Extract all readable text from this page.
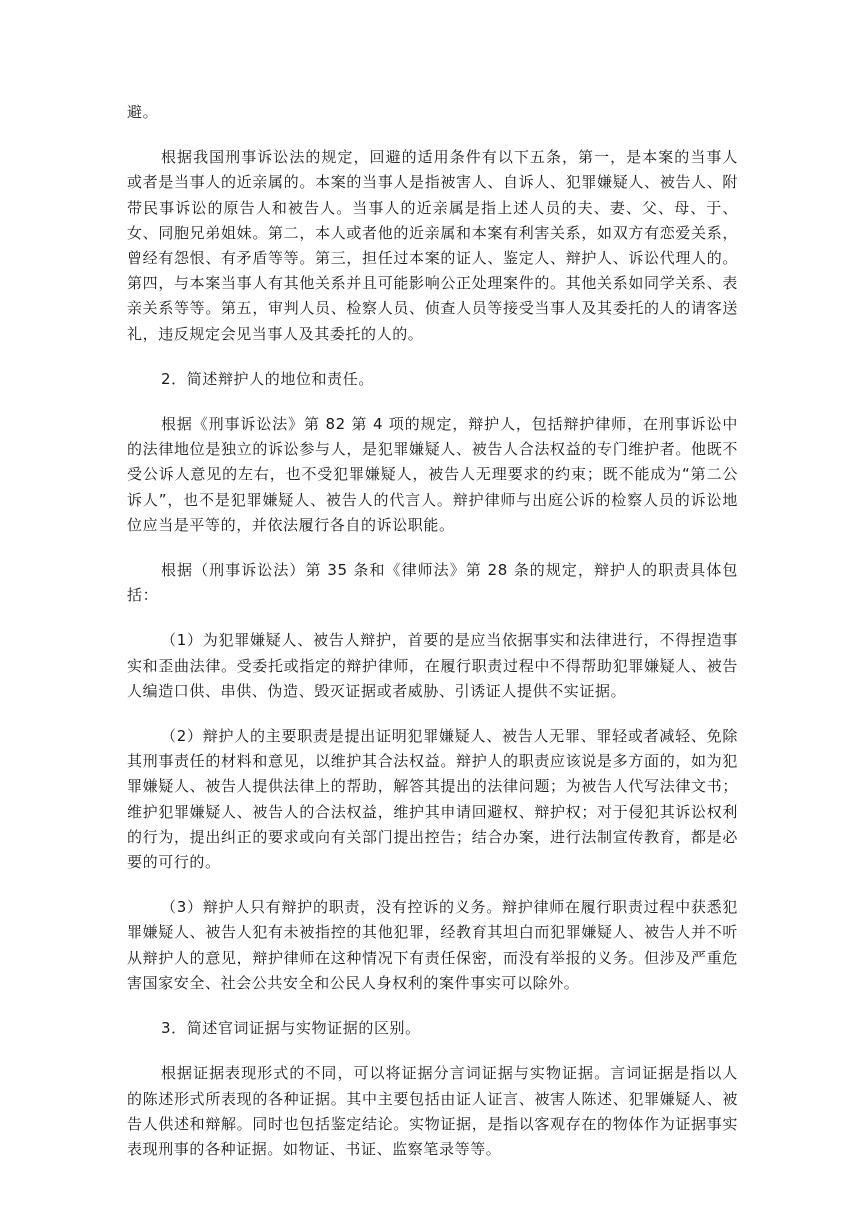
避。

根据我国刑事诉讼法的规定，回避的适用条件有以下五条，第一，是本案的当事人或者是当事人的近亲属的。本案的当事人是指被害人、自诉人、犯罪嫌疑人、被告人、附带民事诉讼的原告人和被告人。当事人的近亲属是指上述人员的夫、妻、父、母、于、女、同胞兄弟姐妹。第二，本人或者他的近亲属和本案有利害关系，如双方有恋爱关系，曾经有怨恨、有矛盾等等。第三，担任过本案的证人、鉴定人、辩护人、诉讼代理人的。第四，与本案当事人有其他关系并且可能影响公正处理案件的。其他关系如同学关系、表亲关系等等。第五，审判人员、检察人员、侦查人员等接受当事人及其委托的人的请客送礼，违反规定会见当事人及其委托的人的。

2．简述辩护人的地位和责任。

根据《刑事诉讼法》第 82 第 4 项的规定，辩护人，包括辩护律师，在刑事诉讼中的法律地位是独立的诉讼参与人，是犯罪嫌疑人、被告人合法权益的专门维护者。他既不受公诉人意见的左右，也不受犯罪嫌疑人，被告人无理要求的约束；既不能成为“第二公诉人”，也不是犯罪嫌疑人、被告人的代言人。辩护律师与出庭公诉的检察人员的诉讼地位应当是平等的，并依法履行各自的诉讼职能。

根据（刑事诉讼法）第 35 条和《律师法》第 28 条的规定，辩护人的职责具体包括：

（1）为犯罪嫌疑人、被告人辩护，首要的是应当依据事实和法律进行，不得捏造事实和歪曲法律。受委托或指定的辩护律师，在履行职责过程中不得帮助犯罪嫌疑人、被告人编造口供、串供、伪造、毁灭证据或者威胁、引诱证人提供不实证据。

（2）辩护人的主要职责是提出证明犯罪嫌疑人、被告人无罪、罪轻或者减轻、免除其刑事责任的材料和意见，以维护其合法权益。辩护人的职责应该说是多方面的，如为犯罪嫌疑人、被告人提供法律上的帮助，解答其提出的法律问题；为被告人代写法律文书；维护犯罪嫌疑人、被告人的合法权益，维护其申请回避权、辩护权；对于侵犯其诉讼权利的行为，提出纠正的要求或向有关部门提出控告；结合办案，进行法制宣传教育，都是必要的可行的。

（3）辩护人只有辩护的职责，没有控诉的义务。辩护律师在履行职责过程中获悉犯罪嫌疑人、被告人犯有未被指控的其他犯罪，经教育其坦白而犯罪嫌疑人、被告人并不听从辩护人的意见，辩护律师在这种情况下有责任保密，而没有举报的义务。但涉及严重危害国家安全、社会公共安全和公民人身权利的案件事实可以除外。

3．简述官词证据与实物证据的区别。

根据证据表现形式的不同，可以将证据分言词证据与实物证据。言词证据是指以人的陈述形式所表现的各种证据。其中主要包括由证人证言、被害人陈述、犯罪嫌疑人、被告人供述和辩解。同时也包括鉴定结论。实物证据，是指以客观存在的物体作为证据事实表现刑事的各种证据。如物证、书证、监察笔录等等。
